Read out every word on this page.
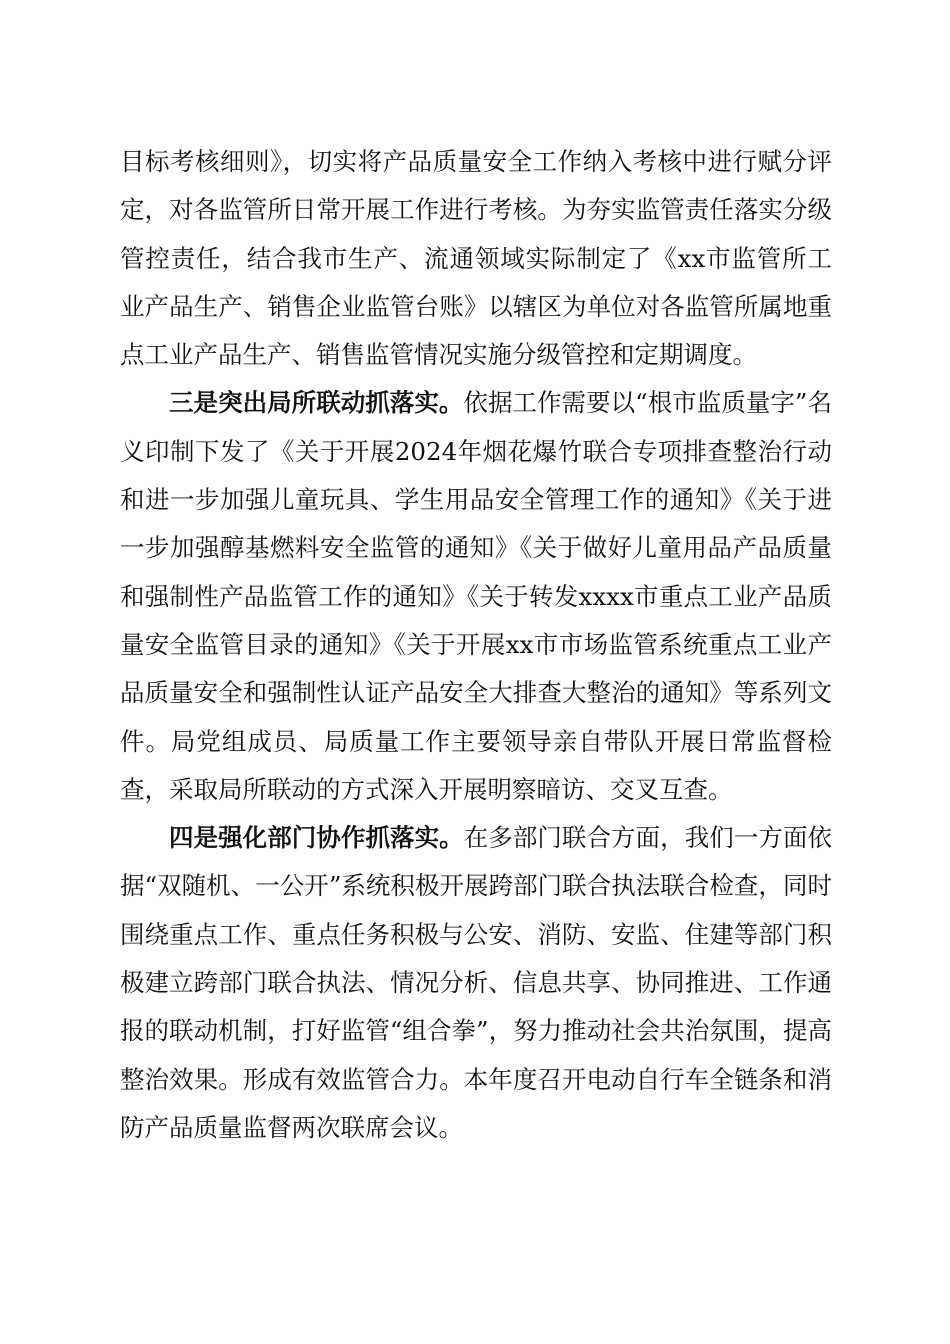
目标考核细则》，切实将产品质量安全工作纳入考核中进行赋分评定，对各监管所日常开展工作进行考核。为夯实监管责任落实分级管控责任，结合我市生产、流通领域实际制定了《xx市监管所工业产品生产、销售企业监管台账》以辖区为单位对各监管所属地重点工业产品生产、销售监管情况实施分级管控和定期调度。

三是突出局所联动抓落实。依据工作需要以“根市监质量字”名义印制下发了《关于开展2024年烟花爆竹联合专项排查整治行动和进一步加强儿童玩具、学生用品安全管理工作的通知》《关于进一步加强醇基燃料安全监管的通知》《关于做好儿童用品产品质量和强制性产品监管工作的通知》《关于转发xxxx市重点工业产品质量安全监管目录的通知》《关于开展xx市市场监管系统重点工业产品质量安全和强制性认证产品安全大排查大整治的通知》等系列文件。局党组成员、局质量工作主要领导亲自带队开展日常监督检查，采取局所联动的方式深入开展明察暗访、交叉互查。

四是强化部门协作抓落实。在多部门联合方面，我们一方面依据“双随机、一公开”系统积极开展跨部门联合执法联合检查，同时围绕重点工作、重点任务积极与公安、消防、安监、住建等部门积极建立跨部门联合执法、情况分析、信息共享、协同推进、工作通报的联动机制，打好监管“组合拳”，努力推动社会共治氛围，提高整治效果。形成有效监管合力。本年度召开电动自行车全链条和消防产品质量监督两次联席会议。
